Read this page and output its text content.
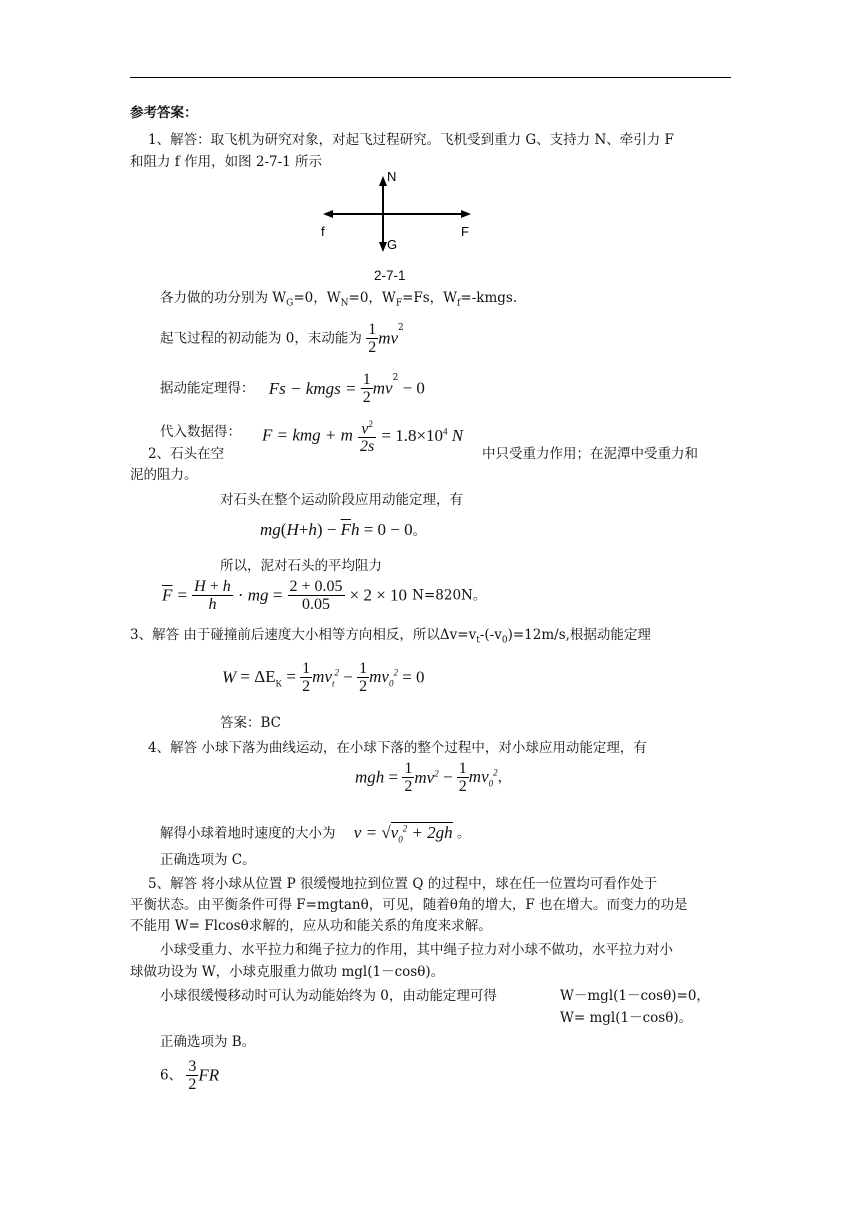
参考答案：
1、解答：取飞机为研究对象，对起飞过程研究。飞机受到重力 G、支持力 N、牵引力 F
和阻力 f 作用，如图 2-7-1 所示
N
G
f	F
2-7-1
各力做的功分别为 $W_G=0$，$W_N=0$，$W_F=Fs$，$W_f=$-kmgs.
起飞过程的初动能为 0，末动能为 $\frac{1}{2} mv^2$
据动能定理得： Fs − kmgs = $\frac{1}{2} mv^2 - 0$
代入数据得： F = kmg + m $\frac{v^2}{2s} = 1.8\times 10^4$ N
2、石头在空	中只受重力作用；在泥潭中受重力和
泥的阻力。
对石头在整个运动阶段应用动能定理，有
$mg(H+h) - \overline{F}h = 0 - 0$。
所以，泥对石头的平均阻力
$\overline{F} = \frac{H + h}{h}$ · mg = $\frac{2 + 0.05}{0.05} \times 2 \times 10$ N=820N。
3、解答 由于碰撞前后速度大小相等方向相反，所以$\Delta v=v_t-(-v_0)=12m/s$,根据动能定理
$W = \Delta E_K = \frac{1}{2} mv_t^2 - \frac{1}{2} mv_0^2 = 0$
答案：BC
4、解答 小球下落为曲线运动，在小球下落的整个过程中，对小球应用动能定理，有
mgh = $\frac{1}{2} mv^2 - \frac{1}{2} mv_0^2$，
解得小球着地时速度的大小为 $v = √v_0^2 + 2gh$ 。
正确选项为 C。
5、解答 将小球从位置 P 很缓慢地拉到位置 Q 的过程中，球在任一位置均可看作处于
平衡状态。由平衡条件可得 F=mgtanθ，可见，随着θ角的增大，F 也在增大。而变力的功是
不能用 W= Flcosθ求解的，应从功和能关系的角度来求解。
小球受重力、水平拉力和绳子拉力的作用，其中绳子拉力对小球不做功，水平拉力对小
球做功设为 W，小球克服重力做功 mgl(1－cosθ)。
小球很缓慢移动时可认为动能始终为 0，由动能定理可得	W－mgl(1－cosθ)=0，
W= mgl(1－cosθ)。
正确选项为 B。
6、 $\frac{3}{2}$ FR
